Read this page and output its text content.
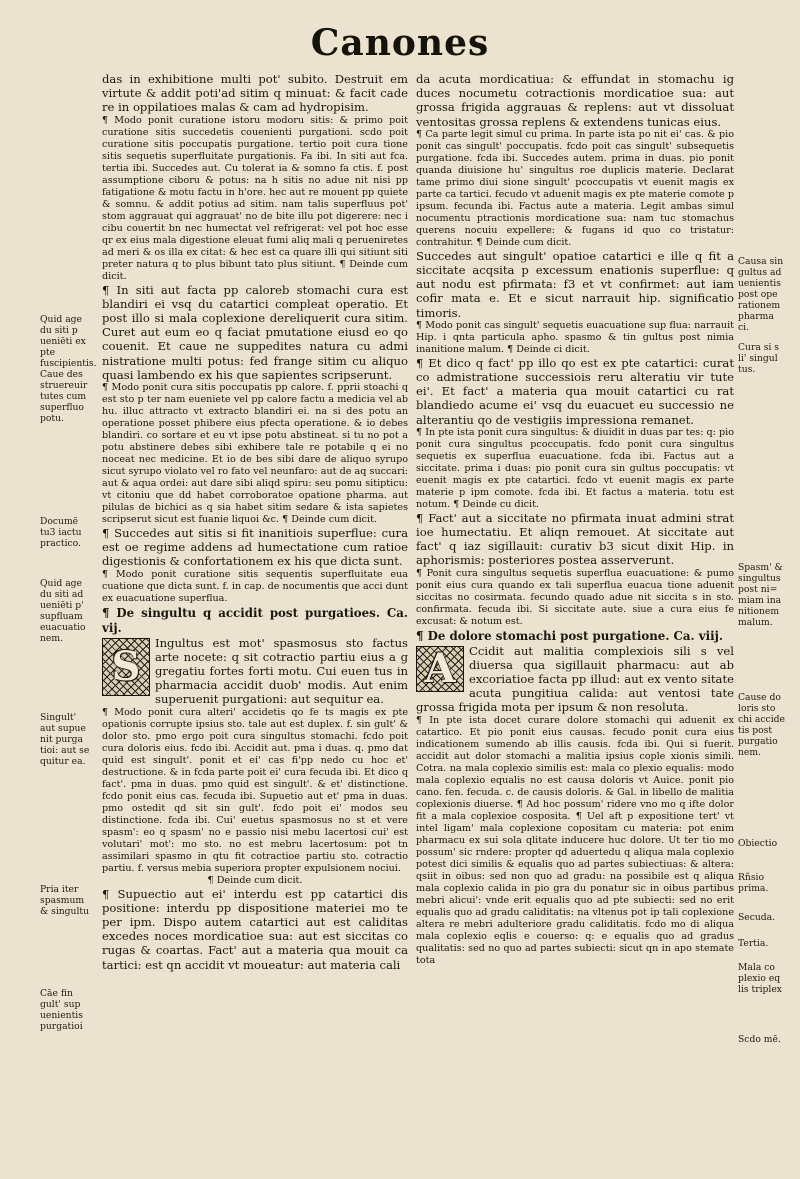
Canones
Quid age
du siti p
ueniēti ex
pte fuscipientis.
Caue des
struereuir
tutes cum
superfluo
potu.
Documē
tu3 iactu
practico.
Quid age
du siti ad
ueniēti p'
supfluam
euacuatio
nem.
Singult'
aut supue
nit purga
tioi: aut se
quitur ea.
Pria iter
spasmum
& singultu
Cāe fin
gult' sup
uenientis
purgatioi

das in exhibitione multi pot' subito. Destruit em virtute & addit poti'ad sitim q minuat: & facit cade re in oppilatioes malas & cam ad hydropisim.

¶ Modo ponit curatione istoru modoru sitis: & primo poit curatione sitis succedetis couenienti purgationi. scdo poit curatione sitis poccupatis purgatione. tertio poit cura tione sitis sequetis superfluitate purgationis. Fa ibi. In siti aut fca. tertia ibi. Succedes aut. Cu tolerat ia & somno fa ctis. f. post assumptione ciboru & potus: na h sitis no adue nit nisi pp fatigatione & motu factu in h'ore. hec aut re mouent pp quiete & somnu. & addit potius ad sitim. nam talis superfluus pot' stom aggrauat qui aggrauat' no de bite illu pot digerere: nec i cibu couertit bn nec humectat vel refrigerat: vel pot hoc esse qr ex eius mala digestione eleuat fumi aliq mali q perueniretes ad meri & os illa ex citat: & hec est ca quare illi qui sitiunt siti preter natura q to plus bibunt tato plus sitiunt. ¶ Deinde cum dicit.

¶ In siti aut facta pp caloreb stomachi cura est blandiri ei vsq du catartici compleat operatio. Et post illo si mala coplexione dereliquerit cura sitim. Curet aut eum eo q faciat pmutatione eiusd eo qo couenit. Et caue ne suppedites natura cu admi nistratione multi potus: fed frange sitim cu aliquo quasi lambendo ex his que sapientes scripserunt.

¶ Modo ponit cura sitis poccupatis pp calore. f. pprii stoachi q est sto p ter nam eueniete vel pp calore factu a medicia vel ab hu. illuc attracto vt extracto blandiri ei. na si des potu an operatione posset phibere eius pfecta operatione. & io debes blandiri. co sortare et eu vt ipse potu abstineat. si tu no pot a potu abstinere debes sibi exhibere tale re potabile q ei no noceat nec medicine. Et io de bes sibi dare de aliquo syrupo sicut syrupo violato vel ro fato vel neunfaro: aut de aq succari: aut & aqua ordei: aut dare sibi aliqd spiru: seu pomu sitipticu: vt citoniu que dd habet corroboratoe opatione pharma. aut pilulas de bichici as q sia habet sitim sedare & ista sapietes scripserut sicut est fuanie liquoi &c. ¶ Deinde cum dicit.

¶ Succedes aut sitis si fit inanitiois superflue: cura est oe regime addens ad humectatione cum ratioe digestionis & confortationem ex his que dicta sunt.

¶ Modo ponit curatione sitis sequentis superfluitate eua cuatione que dicta sunt. f. in cap. de nocumentis que acci dunt ex euacuatione superflua.

¶ De singultu q accidit post purgatioes. Ca. vij.

S

Ingultus est mot' spasmosus sto factus arte nocete: q sit cotractio partiu eius a g gregatiu fortes forti motu. Cui euen tus in pharmacia accidit duob' modis. Aut enim superuenit purgationi: aut sequitur ea.

¶ Modo ponit cura alteri' accidetis qo fe ts magis ex pte opationis corrupte ipsius sto. tale aut est duplex. f. sin gult' & dolor sto. pmo ergo poit cura singultus stomachi. fcdo poit cura doloris eius. fcdo ibi. Accidit aut. pma i duas. q. pmo dat quid est singult'. ponit et ei' cas fi'pp nedo cu hoc et' destructione. & in fcda parte poit ei' cura fecuda ibi. Et dico q fact'. pma in duas. pmo quid est singult'. & et' distinctione. fcdo ponit eius cas. fecuda ibi. Supuetio aut et' pma in duas. pmo ostedit qd sit sin gult'. fcdo poit ei' modos seu distinctione. fcda ibi. Cui' euetus spasmosus no st et vere spasm': eo q spasm' no e passio nisi mebu lacertosi cui' est volutari' mot': mo sto. no est mebru lacertosum: pot tn assimilari spasmo in qtu fit cotractioe partiu sto. cotractio partiu. f. versus mebia superiora propter expulsionem nociui.

¶ Deinde cum dicit.

¶ Supuectio aut ei' interdu est pp catartici dis positione: interdu pp dispositione materiei mo te per ipm. Dispo autem catartici aut est caliditas excedes noces mordicatioe sua: aut est siccitas co rugas & coartas. Fact' aut a materia qua mouit ca tartici: est qn accidit vt moueatur: aut materia cali

da acuta mordicatiua: & effundat in stomachu ig duces nocumetu cotractionis mordicatioe sua: aut grossa frigida aggrauas & replens: aut vt dissoluat ventositas grossa replens & extendens tunicas eius.

¶ Ca parte legit simul cu prima. In parte ista po nit ei' cas. & pio ponit cas singult' poccupatis. fcdo poit cas singult' subsequetis purgatione. fcda ibi. Succedes autem. prima in duas. pio ponit quanda diuisione hu' singultus roe duplicis materie. Declarat tame primo diui sione singult' pcoccupatis vt euenit magis ex parte ca tartici. fecudo vt aduenit magis ex pte materie comote p ipsum. fecunda ibi. Factus aute a materia. Legit ambas simul nocumentu ptractionis mordicatione sua: nam tuc stomachus querens nocuiu expellere: & fugans id quo co tristatur: contrahitur. ¶ Deinde cum dicit.

Succedes aut singult' opatioe catartici e ille q fit a siccitate acqsita p excessum enationis superflue: q aut nodu est pfirmata: f3 et vt confirmet: aut iam cofir mata e. Et e sicut narrauit hip. significatio timoris.

¶ Modo ponit cas singult' sequetis euacuatione sup flua: narrauit Hip. i qnta particula apho. spasmo & tin gultus post nimia inanitione malum. ¶ Deinde ci dicit.

¶ Et dico q fact' pp illo qo est ex pte catartici: curat co admistratione successiois reru alteratiu vir tute ei'. Et fact' a materia qua mouit catartici cu rat blandiedo acume ei' vsq du euacuet eu successio ne alterantiu qo de vestigiis impressiona remanet.

¶ In pte ista ponit cura singultus: & diuidit in duas par tes: q: pio ponit cura singultus pcoccupatis. fcdo ponit cura singultus sequetis ex superflua euacuatione. fcda ibi. Factus aut a siccitate. prima i duas: pio ponit cura sin gultus poccupatis: vt euenit magis ex pte catartici. fcdo vt euenit magis ex parte materie p ipm comote. fcda ibi. Et factus a materia. totu est notum. ¶ Deinde cu dicit.

¶ Fact' aut a siccitate no pfirmata inuat admini strat ioe humectatiu. Et aliqn remouet. At siccitate aut fact' q iaz sigillauit: curativ b3 sicut dixit Hip. in aphorismis: posteriores postea asserverunt.

¶ Ponit cura singultus sequetis superflua euacuatione: & pumo ponit eius cura quando ex tali superflua euacua tione aduenit siccitas no cosirmata. fecundo quado adue nit siccita s in sto. confirmata. fecuda ibi. Si siccitate aute. siue a cura eius fe excusat: & notum est.

¶ De dolore stomachi post purgatione. Ca. viij.

A	Ccidit aut malitia complexiois sili s vel diuersa qua sigillauit pharmacu: aut ab excoriatioe facta pp illud: aut ex vento sitate acuta pungitiua calida: aut ventosi tate grossa frigida mota per ipsum & non resoluta.

¶ In pte ista docet curare dolore stomachi qui aduenit ex catartico. Et pio ponit eius causas. fecudo ponit cura eius indicationem sumendo ab illis causis. fcda ibi. Qui si fuerit. accidit aut dolor stomachi a malitia ipsius cople xionis simili. Cotra. na mala coplexio similis est: mala co plexio equalis: modo mala coplexio equalis no est causa doloris vt Auice. ponit pio cano. fen. fecuda. c. de causis doloris. & Gal. in libello de malitia coplexionis diuerse. ¶ Ad hoc possum' ridere vno mo q ifte dolor fit a mala coplexioe cosposita. ¶ Uel aft p expositione tert' vt intel ligam' mala coplexione copositam cu materia: pot enim pharmacu ex sui sola qlitate inducere huc dolore. Ut ter tio mo possum' sic rndere: propter qd aduertedu q aliqua mala coplexio potest dici similis & equalis quo ad partes subiectiuas: & altera: qsiit in oibus: sed non quo ad gradu: na possibile est q aliqua mala coplexio calida in pio gra du ponatur sic in oibus partibus mebri alicui': vnde erit equalis quo ad pte subiecti: sed no erit equalis quo ad gradu caliditatis: na vltenus pot ip tali coplexione altera re mebri adulteriore gradu caliditatis. fcdo mo di aliqua mala coplexio eqlis e couerso: q: e equalis quo ad gradus qualitatis: sed no quo ad partes subiecti: sicut qn in apo stemate tota

Causa sin
gultus ad
uenientis
post ope
rationem
pharma
ci.
Cura si s
li' singul
tus.
Spasm' &
singultus
post ni=
miam ina
nitionem
malum.
Cause do
loris sto
chi accide
tis post
purgatio
nem.
Obiectio
Rñsio
prima.
Secuda.
Tertia.
Mala co
plexio eq
lis triplex
Scdo mē.
